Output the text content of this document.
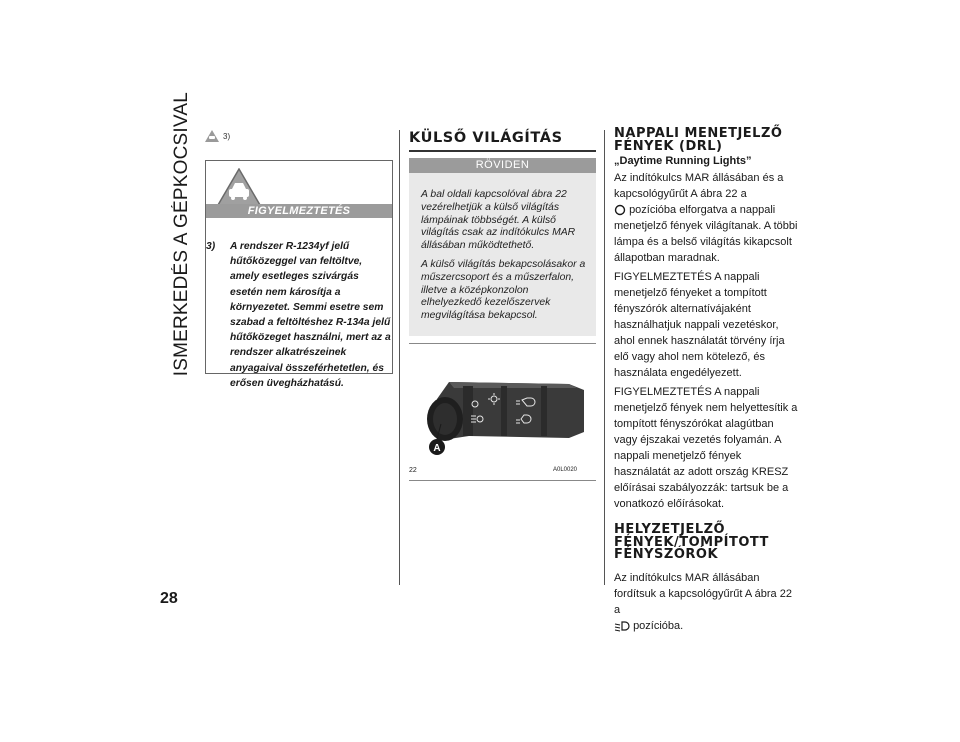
ISMERKEDÉS A GÉPKOCSIVAL
28
3)
FIGYELMEZTETÉS
3) A rendszer R-1234yf jelű hűtőközeggel van feltöltve, amely esetleges szivárgás esetén nem károsítja a környezetet. Semmi esetre sem szabad a feltöltéshez R-134a jelű hűtőközeget használni, mert az a rendszer alkatrészeinek anyagaival összeférhetetlen, és erősen üvegházhatású.
KÜLSŐ VILÁGÍTÁS
RÖVIDEN

A bal oldali kapcsolóval ábra 22 vezérelhetjük a külső világítás lámpáinak többségét. A külső világítás csak az indítókulcs MAR állásában működtethető.

A külső világítás bekapcsolásakor a műszercsoport és a műszerfalon, illetve a középkonzolon elhelyezkedő kezelőszervek megvilágítása bekapcsol.

A
22	A0L0020
NAPPALI MENETJELZŐ
FÉNYEK (DRL)
„Daytime Running Lights”

Az indítókulcs MAR állásában és a kapcsológyűrűt A ábra 22 a
pozícióba elforgatva a nappali menetjelző fények világítanak. A többi lámpa és a belső világítás kikapcsolt állapotban maradnak.

FIGYELMEZTETÉS A nappali menetjelző fényeket a tompított fényszórók alternatívájaként használhatjuk nappali vezetéskor, ahol ennek használatát törvény írja elő vagy ahol nem kötelező, és használata engedélyezett.

FIGYELMEZTETÉS A nappali menetjelző fények nem helyettesítik a tompított fényszórókat alagútban vagy éjszakai vezetés folyamán. A nappali menetjelző fények használatát az adott ország KRESZ előírásai szabályozzák: tartsuk be a vonatkozó előírásokat.

HELYZETJELZŐ
FÉNYEK/TOMPÍTOTT
FÉNYSZÓRÓK

Az indítókulcs MAR állásában fordítsuk a kapcsológyűrűt A ábra 22 a
pozícióba.
